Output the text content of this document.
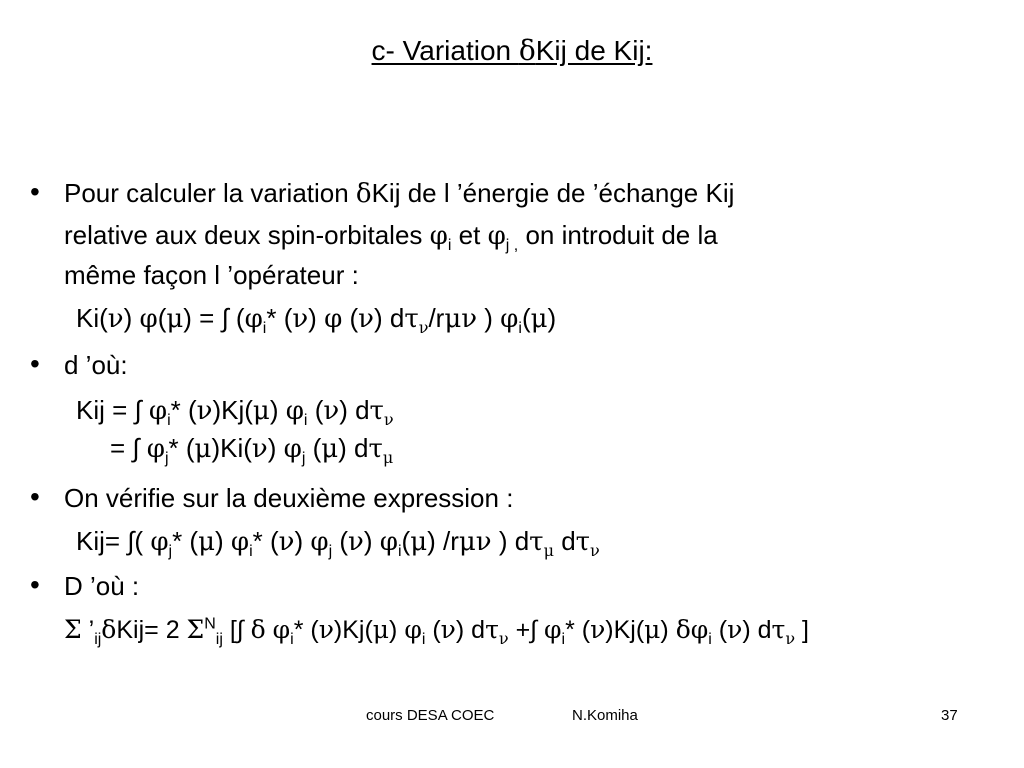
c- Variation δKij de Kij:
• Pour calculer la variation δKij de l ’énergie de ’échange Kij
relative aux deux spin-orbitales $\varphi_i$ et $\varphi_{j ,}$ on introduit de la
même façon l ’opérateur :
Ki(ν) φ(μ) = ∫ ($\varphi_i*$ (ν) φ (ν) $d\tau_\nu$/rμν ) $\varphi_i(\mu)$
• d ’où:
Kij = ∫ $\varphi_i*$ (ν)Kj(μ) $\varphi_i$ (ν) $d\tau_\nu$
= ∫ $\varphi_j*$ (μ)Ki(ν) $\varphi_j$ (μ) $d\tau_\mu$
• On vérifie sur la deuxième expression :
Kij= ∫( $\varphi_j*$ (μ) $\varphi_i*$ (ν) $\varphi_j$ (ν) $\varphi_i(\mu)$ /rμν ) $d\tau_\mu$ $d\tau_\nu$
• D ’où :
Σ $’_{ij}\delta Kij= 2$ $\Sigma^N_{ij}$ [∫ δ $\varphi_i*$ (ν)Kj(μ) $\varphi_i$ (ν) $d\tau_\nu$ +∫ $\varphi_i*$ (ν)Kj(μ) $\delta\varphi_i$ (ν) $d\tau_\nu$ ]
cours DESA COEC	N.Komiha	37
